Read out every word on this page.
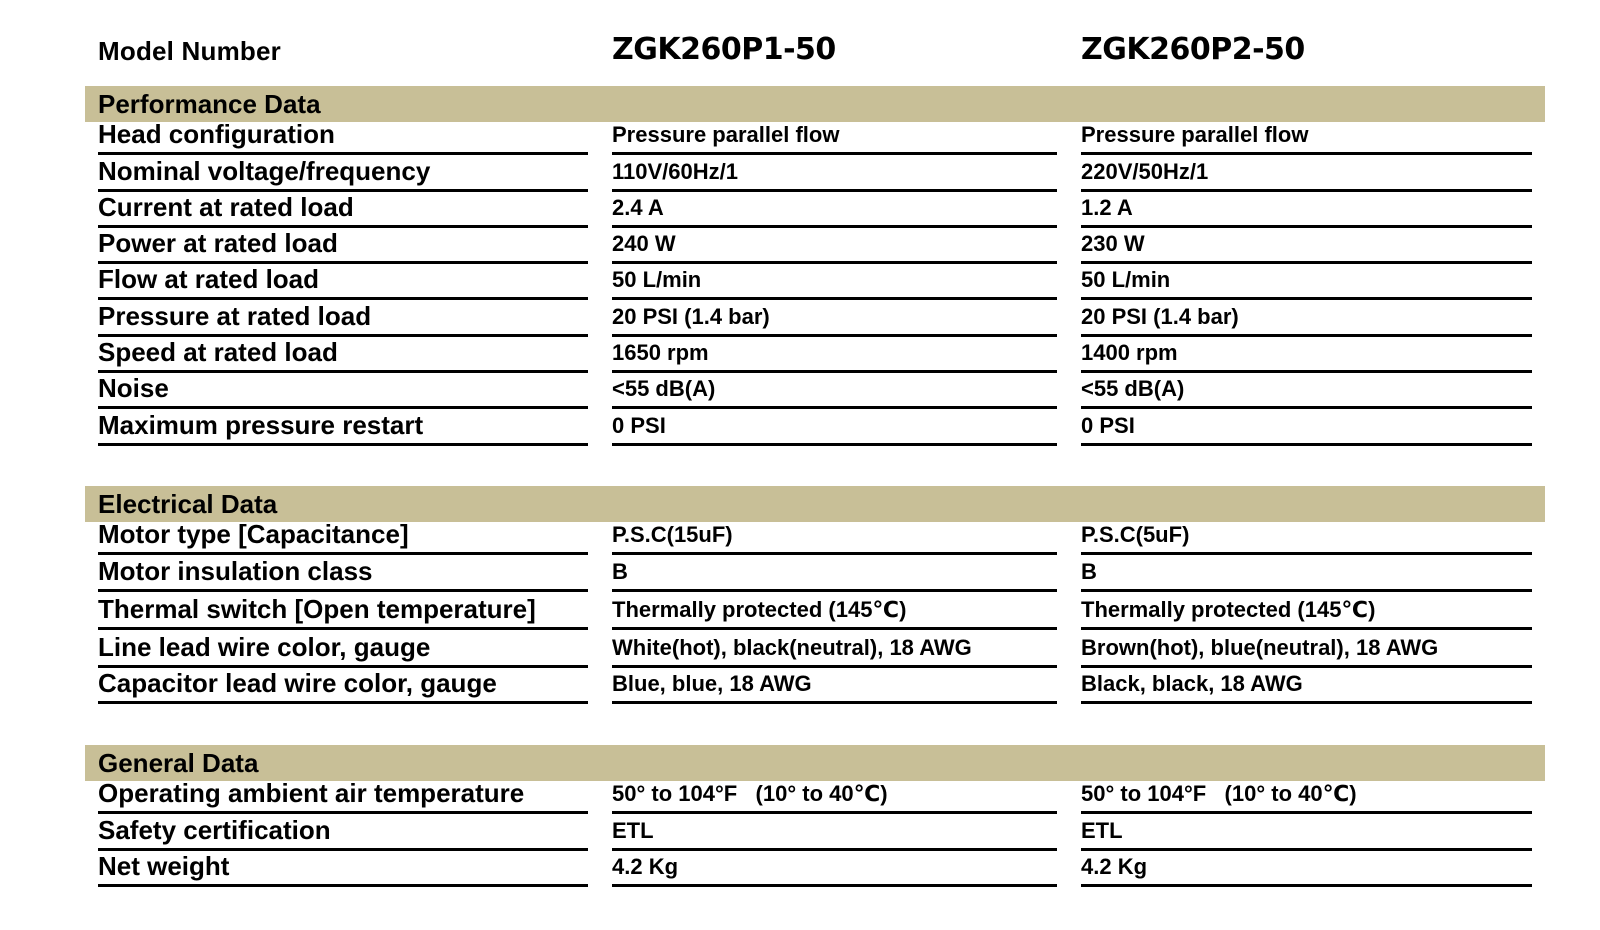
Model Number	ZGK260P1-50	ZGK260P2-50
Performance Data
Head configuration	Pressure parallel flow	Pressure parallel flow
Nominal voltage/frequency	110V/60Hz/1	220V/50Hz/1
Current at rated load	2.4 A	1.2 A
Power at rated load	240 W	230 W
Flow at rated load	50 L/min	50 L/min
Pressure at rated load	20 PSI (1.4 bar)	20 PSI (1.4 bar)
Speed at rated load	1650 rpm	1400 rpm
Noise	<55 dB(A)	<55 dB(A)
Maximum pressure restart	0 PSI	0 PSI
Electrical Data
Motor type [Capacitance]	P.S.C(15uF)	P.S.C(5uF)
Motor insulation class	B	B
Thermal switch [Open temperature]	Thermally protected (145℃)	Thermally protected (145℃)
Line lead wire color, gauge	White(hot), black(neutral), 18 AWG	Brown(hot), blue(neutral), 18 AWG
Capacitor lead wire color, gauge	Blue, blue, 18 AWG	Black, black, 18 AWG
General Data
Operating ambient air temperature	50° to 104°F   (10° to 40℃)	50° to 104°F   (10° to 40℃)
Safety certification	ETL	ETL
Net weight	4.2 Kg	4.2 Kg
